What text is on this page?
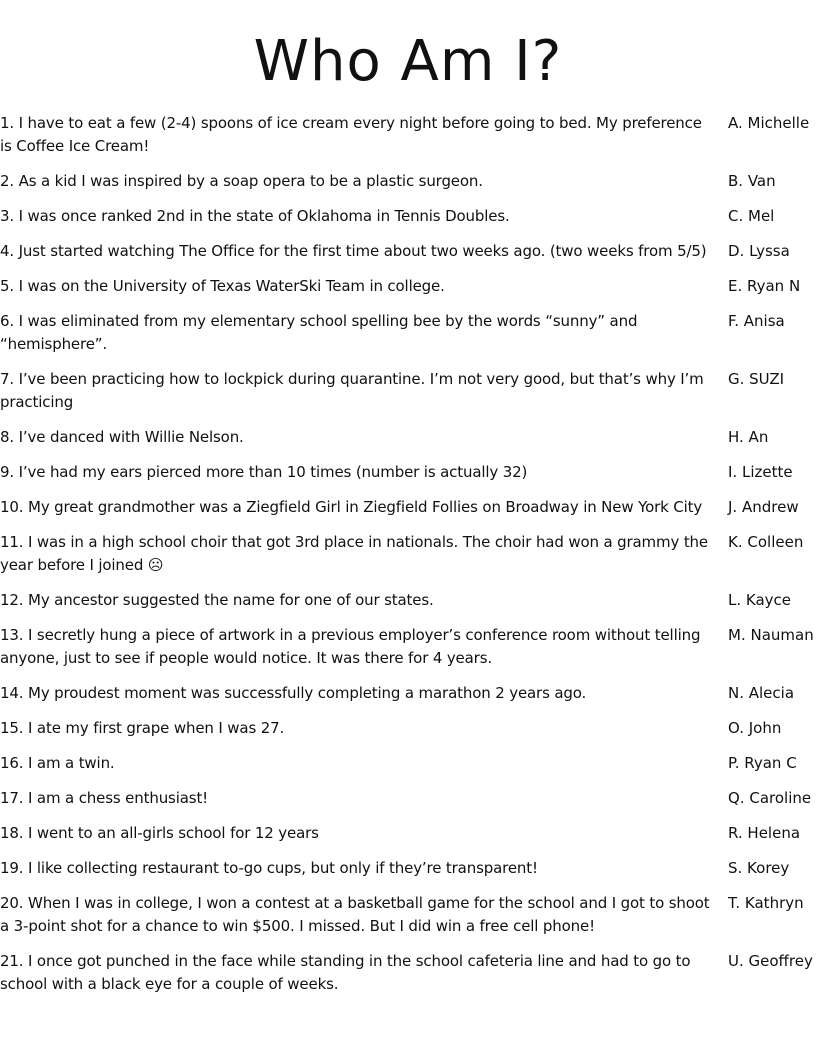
Who Am I?
1. I have to eat a few (2-4) spoons of ice cream every night before going to bed. My preference is Coffee Ice Cream!
A. Michelle
2. As a kid I was inspired by a soap opera to be a plastic surgeon.	B. Van
3. I was once ranked 2nd in the state of Oklahoma in Tennis Doubles.	C. Mel
4. Just started watching The Office for the first time about two weeks ago. (two weeks from 5/5)	D. Lyssa
5. I was on the University of Texas WaterSki Team in college.	E. Ryan N
6. I was eliminated from my elementary school spelling bee by the words “sunny” and “hemisphere”.
F. Anisa
7. I’ve been practicing how to lockpick during quarantine. I’m not very good, but that’s why I’m practicing
G. SUZI
8. I’ve danced with Willie Nelson.	H. An
9. I’ve had my ears pierced more than 10 times (number is actually 32)	I. Lizette
10. My great grandmother was a Ziegfield Girl in Ziegfield Follies on Broadway in New York City	J. Andrew
11. I was in a high school choir that got 3rd place in nationals. The choir had won a grammy the year before I joined ☹
K. Colleen
12. My ancestor suggested the name for one of our states.	L. Kayce
13. I secretly hung a piece of artwork in a previous employer’s conference room without telling anyone, just to see if people would notice. It was there for 4 years.
M. Nauman
14. My proudest moment was successfully completing a marathon 2 years ago.	N. Alecia
15. I ate my first grape when I was 27.	O. John
16. I am a twin.	P. Ryan C
17. I am a chess enthusiast!	Q. Caroline
18. I went to an all-girls school for 12 years	R. Helena
19. I like collecting restaurant to-go cups, but only if they’re transparent!	S. Korey
20. When I was in college, I won a contest at a basketball game for the school and I got to shoot a 3-point shot for a chance to win $500. I missed. But I did win a free cell phone!
T. Kathryn
21. I once got punched in the face while standing in the school cafeteria line and had to go to school with a black eye for a couple of weeks.
U. Geoffrey
